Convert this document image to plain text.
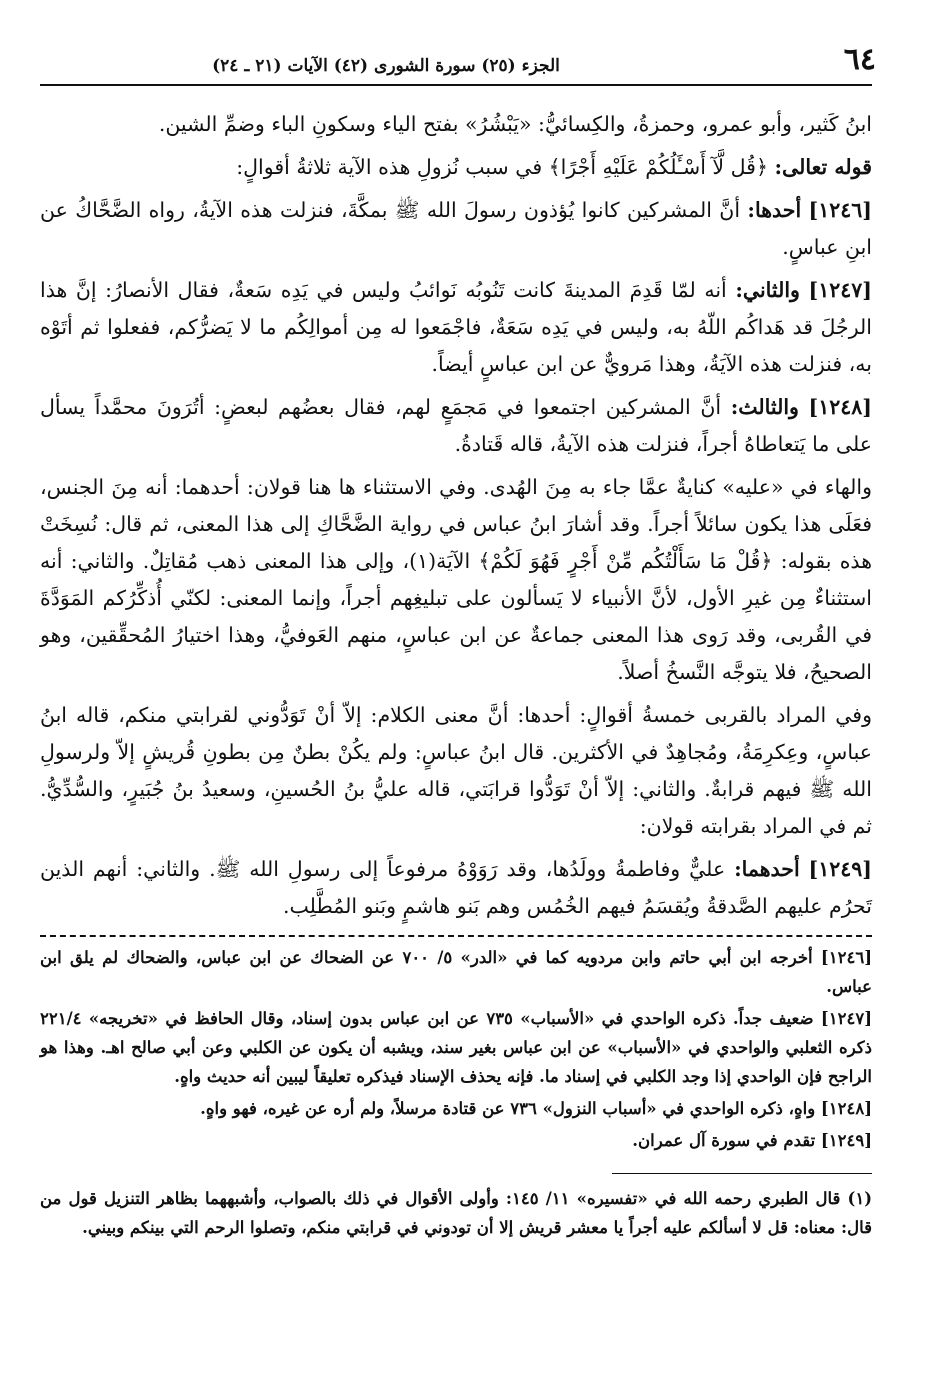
٦٤
الجزء (٢٥) سورة الشورى (٤٢) الآيات (٢١ ـ ٢٤)

ابنُ كَثير، وأبو عمرو، وحمزةُ، والكِسائيُّ: «يَبْشُرُ» بفتح الياء وسكونِ الباء وضمِّ الشين.

قوله تعالى: ﴿قُل لَّآ أَسْـَٔلُكُمْ عَلَيْهِ أَجْرًا﴾ في سبب نُزولِ هذه الآية ثلاثةُ أقوالٍ:

[١٢٤٦] أحدها: أنَّ المشركين كانوا يُؤذون رسولَ الله ﷺ بمكَّةَ، فنزلت هذه الآيةُ، رواه الضَّحَّاكُ عن ابنِ عباسٍ.

[١٢٤٧] والثاني: أنه لمّا قَدِمَ المدينةَ كانت تَنُوبُه نَوائبُ وليس في يَدِه سَعةٌ، فقال الأنصارُ: إنَّ هذا الرجُلَ قد هَداكُم اللّهُ به، وليس في يَدِه سَعَةٌ، فاجْمَعوا له مِن أموالِكُم ما لا يَضرُّكم، ففعلوا ثم أتَوْه به، فنزلت هذه الآيَةُ، وهذا مَرويٌّ عن ابن عباسٍ أيضاً.

[١٢٤٨] والثالث: أنَّ المشركين اجتمعوا في مَجمَعٍ لهم، فقال بعضُهم لبعضٍ: أتُرَونَ محمَّداً يسأل على ما يَتعاطاهُ أجراً، فنزلت هذه الآيةُ، قاله قَتادةُ.

والهاء في «عليه» كنايةٌ عمَّا جاء به مِنَ الهُدى. وفي الاستثناء ها هنا قولان: أحدهما: أنه مِنَ الجنس، فعَلَى هذا يكون سائلاً أجراً. وقد أشارَ ابنُ عباس في رواية الضَّحَّاكِ إلى هذا المعنى، ثم قال: نُسِخَتْ هذه بقوله: ﴿قُلْ مَا سَأَلْتُكُم مِّنْ أَجْرٍ فَهُوَ لَكُمْ﴾ الآيَة(١)، وإلى هذا المعنى ذهب مُقاتِلٌ. والثاني: أنه استثناءٌ مِن غيرِ الأول، لأنَّ الأنبياء لا يَسألون على تبليغِهم أجراً، وإنما المعنى: لكنّي أُذكِّرُكم المَوَدَّةَ في القُربى، وقد رَوى هذا المعنى جماعةٌ عن ابن عباسٍ، منهم العَوفيُّ، وهذا اختيارُ المُحقِّقين، وهو الصحيحُ، فلا يتوجَّه النَّسخُ أصلاً.

وفي المراد بالقربى خمسةُ أقوالٍ: أحدها: أنَّ معنى الكلام: إلاّ أنْ تَوَدُّوني لقرابتي منكم، قاله ابنُ عباسٍ، وعِكرِمَةُ، ومُجاهِدٌ في الأكثرين. قال ابنُ عباسٍ: ولم يكُنْ بطنٌ مِن بطونِ قُريشٍ إلاّ ولرسولِ الله ﷺ فيهم قرابةٌ. والثاني: إلاّ أنْ تَوَدُّوا قرابَتي، قاله عليُّ بنُ الحُسينِ، وسعيدُ بنُ جُبَيرٍ، والسُّدِّيُّ. ثم في المراد بقرابته قولان:

[١٢٤٩] أحدهما: عليٌّ وفاطمةُ وولَدُها، وقد رَوَوْهُ مرفوعاً إلى رسولِ الله ﷺ. والثاني: أنهم الذين تَحرُم عليهم الصَّدقةُ ويُقسَمُ فيهم الخُمُس وهم بَنو هاشمٍ وبَنو المُطَّلِب.

[١٢٤٦] أخرجه ابن أبي حاتم وابن مردويه كما في «الدر» ٥/ ٧٠٠ عن الضحاك عن ابن عباس، والضحاك لم يلق ابن عباس.

[١٢٤٧] ضعيف جداً. ذكره الواحدي في «الأسباب» ٧٣٥ عن ابن عباس بدون إسناد، وقال الحافظ في «تخريجه» ٢٢١/٤ ذكره الثعلبي والواحدي في «الأسباب» عن ابن عباس بغير سند، ويشبه أن يكون عن الكلبي وعن أبي صالح اهـ. وهذا هو الراجح فإن الواحدي إذا وجد الكلبي في إسناد ما. فإنه يحذف الإسناد فيذكره تعليقاً ليبين أنه حديث واهٍ.

[١٢٤٨] واهٍ، ذكره الواحدي في «أسباب النزول» ٧٣٦ عن قتادة مرسلاً، ولم أره عن غيره، فهو واهٍ.

[١٢٤٩] تقدم في سورة آل عمران.

(١) قال الطبري رحمه الله في «تفسيره» ١١/ ١٤٥: وأولى الأقوال في ذلك بالصواب، وأشبههما بظاهر التنزيل قول من قال: معناه: قل لا أسألكم عليه أجراً يا معشر قريش إلا أن تودوني في قرابتي منكم، وتصلوا الرحم التي بينكم وبيني.
